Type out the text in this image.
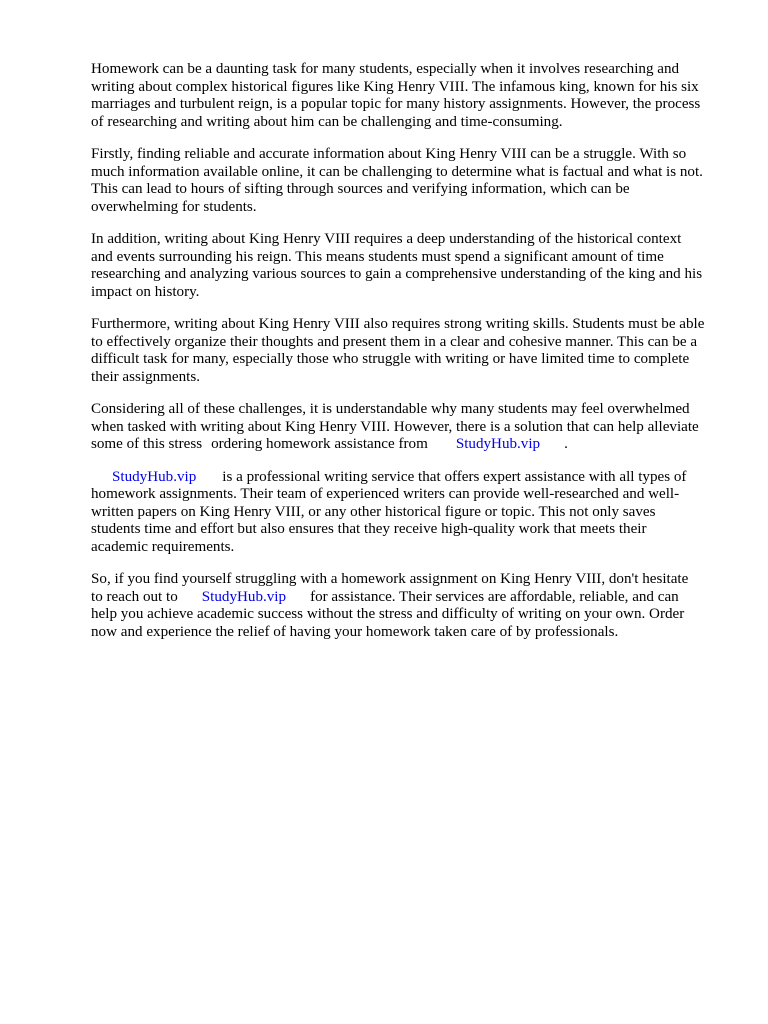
Homework can be a daunting task for many students, especially when it involves researching and
writing about complex historical figures like King Henry VIII. The infamous king, known for his six
marriages and turbulent reign, is a popular topic for many history assignments. However, the process
of researching and writing about him can be challenging and time-consuming.

Firstly, finding reliable and accurate information about King Henry VIII can be a struggle. With so
much information available online, it can be challenging to determine what is factual and what is not.
This can lead to hours of sifting through sources and verifying information, which can be
overwhelming for students.

In addition, writing about King Henry VIII requires a deep understanding of the historical context
and events surrounding his reign. This means students must spend a significant amount of time
researching and analyzing various sources to gain a comprehensive understanding of the king and his
impact on history.

Furthermore, writing about King Henry VIII also requires strong writing skills. Students must be able
to effectively organize their thoughts and present them in a clear and cohesive manner. This can be a
difficult task for many, especially those who struggle with writing or have limited time to complete
their assignments.

Considering all of these challenges, it is understandable why many students may feel overwhelmed
when tasked with writing about King Henry VIII. However, there is a solution that can help alleviate
some of this stress ordering homework assistance from StudyHub.vip .

StudyHub.vip is a professional writing service that offers expert assistance with all types of
homework assignments. Their team of experienced writers can provide well-researched and well-
written papers on King Henry VIII, or any other historical figure or topic. This not only saves
students time and effort but also ensures that they receive high-quality work that meets their
academic requirements.

So, if you find yourself struggling with a homework assignment on King Henry VIII, don't hesitate
to reach out to StudyHub.vip for assistance. Their services are affordable, reliable, and can
help you achieve academic success without the stress and difficulty of writing on your own. Order
now and experience the relief of having your homework taken care of by professionals.
